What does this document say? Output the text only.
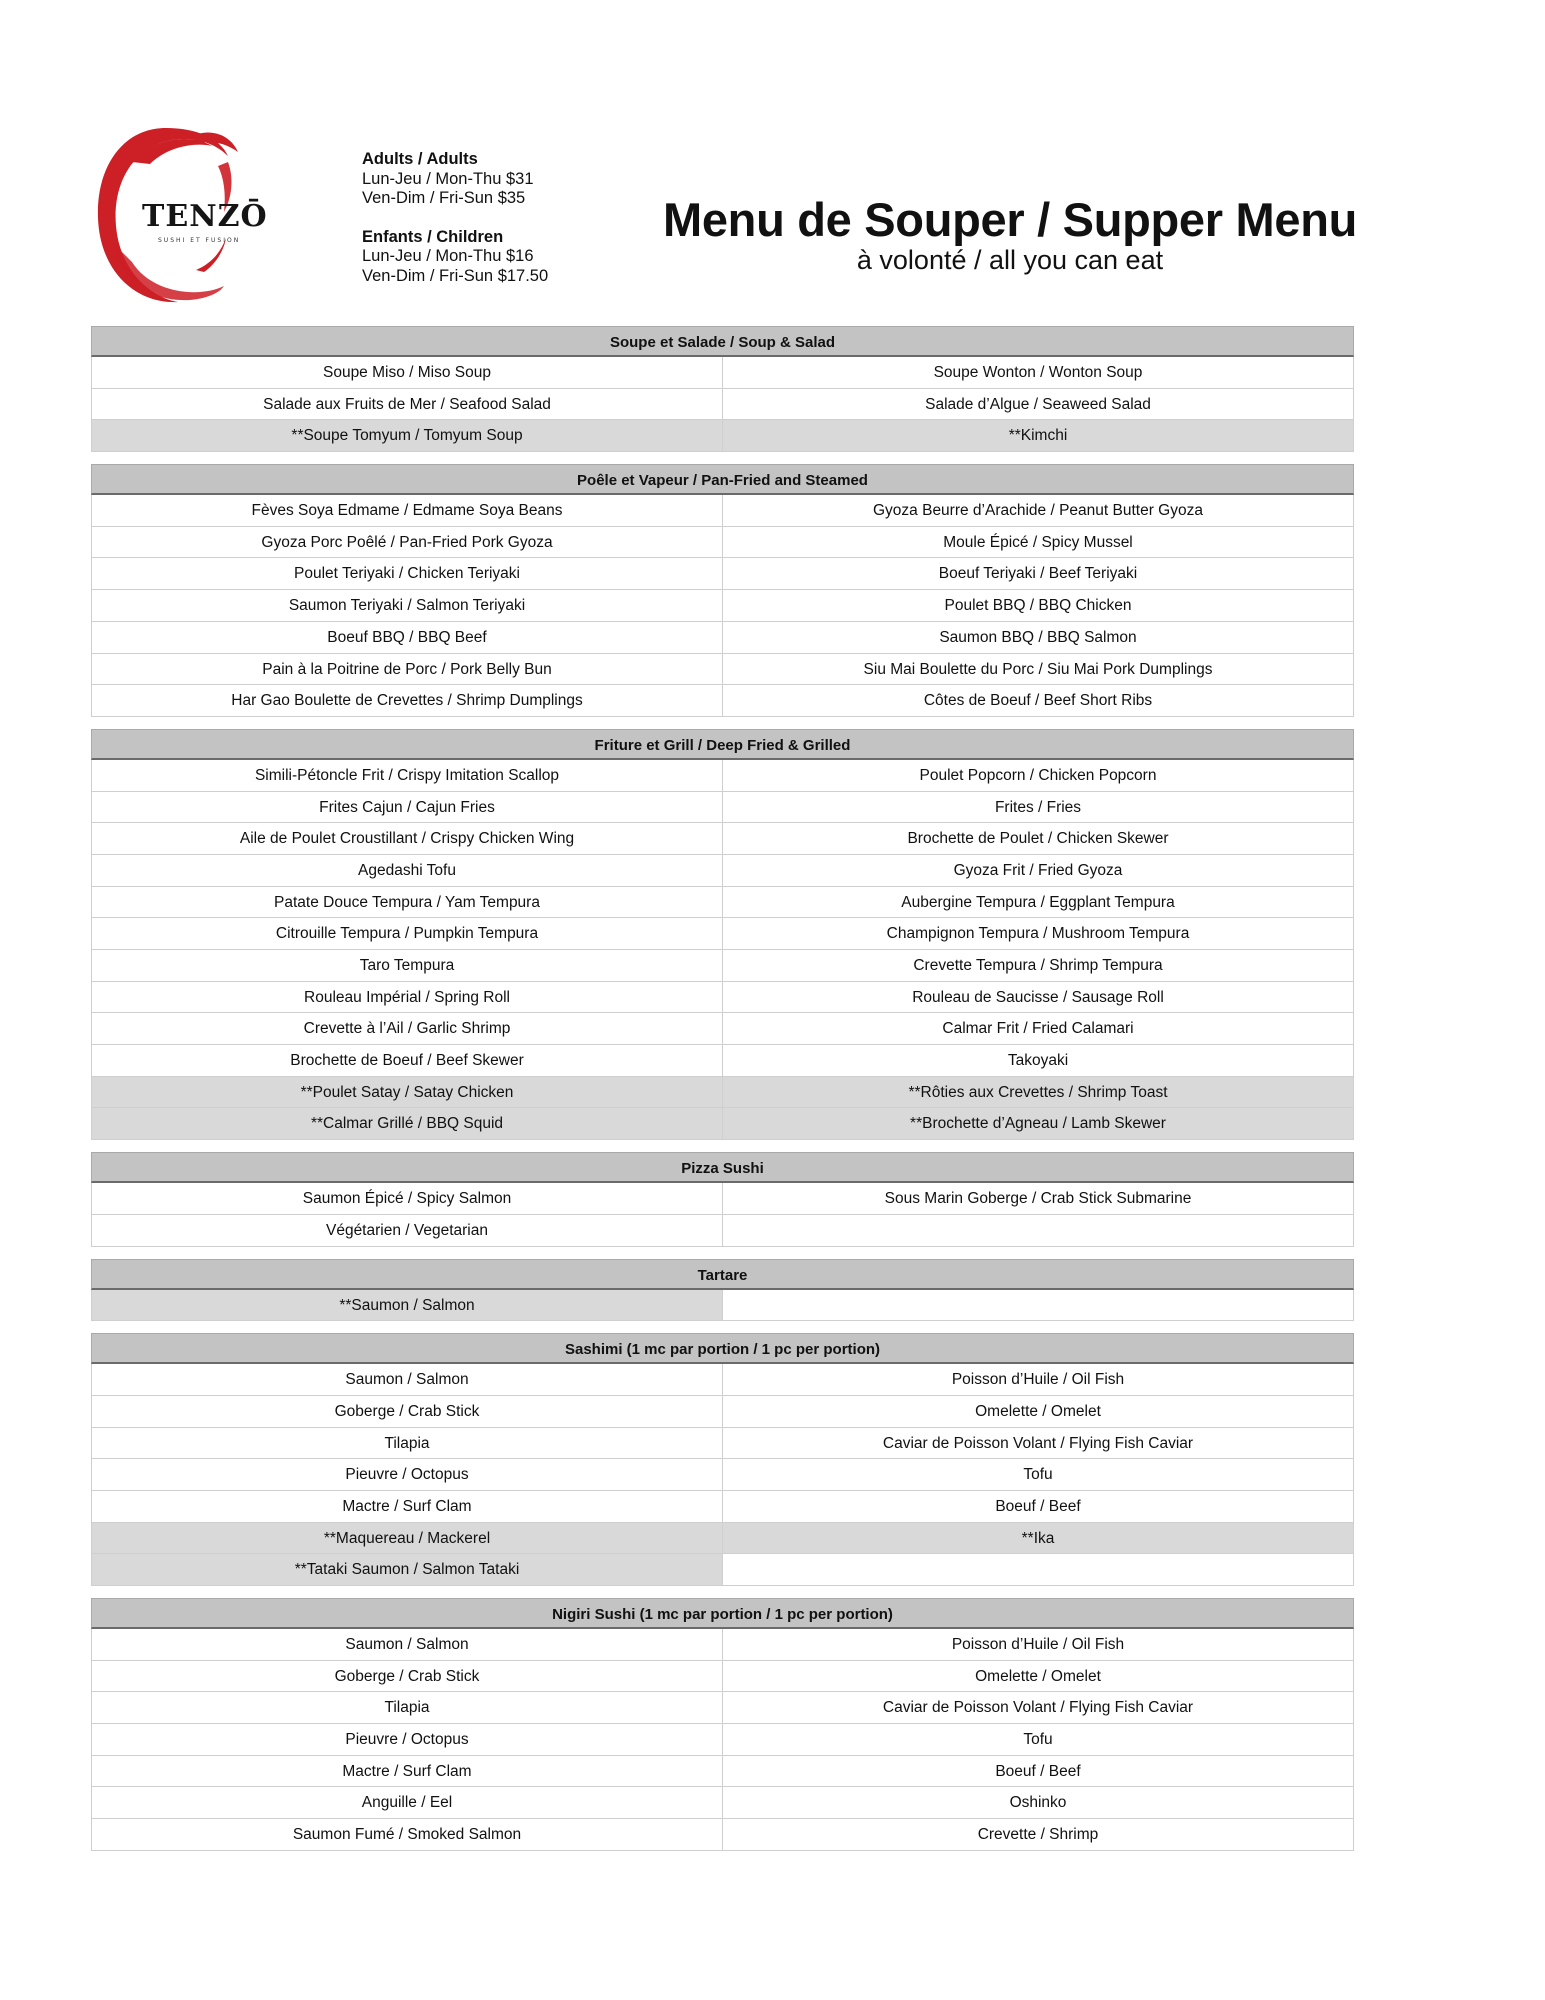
TENZŌ
SUSHI ET FUSION
Adults / Adults
Lun-Jeu / Mon-Thu $31
Ven-Dim / Fri-Sun $35
Enfants / Children
Lun-Jeu / Mon-Thu $16
Ven-Dim / Fri-Sun $17.50
Menu de Souper / Supper Menu
à volonté / all you can eat
Soupe et Salade / Soup & Salad
Soupe Miso / Miso Soup	Soupe Wonton / Wonton Soup
Salade aux Fruits de Mer / Seafood Salad	Salade d’Algue / Seaweed Salad
**Soupe Tomyum / Tomyum Soup	**Kimchi
Poêle et Vapeur / Pan-Fried and Steamed
Fèves Soya Edmame / Edmame Soya Beans	Gyoza Beurre d’Arachide / Peanut Butter Gyoza
Gyoza Porc Poêlé / Pan-Fried Pork Gyoza	Moule Épicé / Spicy Mussel
Poulet Teriyaki / Chicken Teriyaki	Boeuf Teriyaki / Beef Teriyaki
Saumon Teriyaki / Salmon Teriyaki	Poulet BBQ / BBQ Chicken
Boeuf BBQ / BBQ Beef	Saumon BBQ / BBQ Salmon
Pain à la Poitrine de Porc / Pork Belly Bun	Siu Mai Boulette du Porc / Siu Mai Pork Dumplings
Har Gao Boulette de Crevettes / Shrimp Dumplings	Côtes de Boeuf / Beef Short Ribs
Friture et Grill / Deep Fried & Grilled
Simili-Pétoncle Frit / Crispy Imitation Scallop	Poulet Popcorn / Chicken Popcorn
Frites Cajun / Cajun Fries	Frites / Fries
Aile de Poulet Croustillant / Crispy Chicken Wing	Brochette de Poulet / Chicken Skewer
Agedashi Tofu	Gyoza Frit / Fried Gyoza
Patate Douce Tempura / Yam Tempura	Aubergine Tempura / Eggplant Tempura
Citrouille Tempura / Pumpkin Tempura	Champignon Tempura / Mushroom Tempura
Taro Tempura	Crevette Tempura / Shrimp Tempura
Rouleau Impérial / Spring Roll	Rouleau de Saucisse / Sausage Roll
Crevette à l’Ail / Garlic Shrimp	Calmar Frit / Fried Calamari
Brochette de Boeuf / Beef Skewer	Takoyaki
**Poulet Satay / Satay Chicken	**Rôties aux Crevettes / Shrimp Toast
**Calmar Grillé / BBQ Squid	**Brochette d’Agneau / Lamb Skewer
Pizza Sushi
Saumon Épicé / Spicy Salmon	Sous Marin Goberge / Crab Stick Submarine
Végétarien / Vegetarian
Tartare
**Saumon / Salmon
Sashimi (1 mc par portion / 1 pc per portion)
Saumon / Salmon	Poisson d’Huile / Oil Fish
Goberge / Crab Stick	Omelette / Omelet
Tilapia	Caviar de Poisson Volant / Flying Fish Caviar
Pieuvre / Octopus	Tofu
Mactre / Surf Clam	Boeuf / Beef
**Maquereau / Mackerel	**Ika
**Tataki Saumon / Salmon Tataki
Nigiri Sushi (1 mc par portion / 1 pc per portion)
Saumon / Salmon	Poisson d’Huile / Oil Fish
Goberge / Crab Stick	Omelette / Omelet
Tilapia	Caviar de Poisson Volant / Flying Fish Caviar
Pieuvre / Octopus	Tofu
Mactre / Surf Clam	Boeuf / Beef
Anguille / Eel	Oshinko
Saumon Fumé / Smoked Salmon	Crevette / Shrimp
